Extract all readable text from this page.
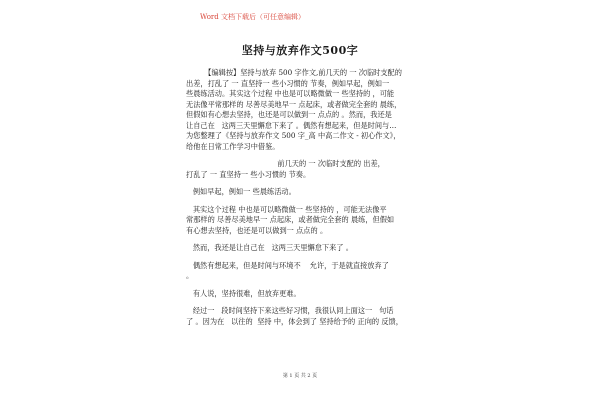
Word 文档下载后（可任意编辑）
坚持与放弃作文500字
【编辑按】坚持与放弃 500 字作文,前几天的 一 次临时支配的
出差，打乱了 一 直坚持一 些小习惯的 节奏，例如早起，例如一
些晨练活动。其实这个过程 中也是可以略微做一 些坚持的 ，可能
无法像平常那样的 尽善尽美地早一 点起床，或者做完全套的 晨练，
但假如有心想去坚持，也还是可以做到一 点点的 。然而，我还是
让自己在   这两三天里懈怠下来了 。偶然有想起来，但是时间与…
为您整理了《坚持与放弃作文 500 字_高 中高二作文 - 初心作文》，
给他在日常工作学习中借鉴。
前几天的 一 次临时支配的 出差，
打乱了 一 直坚持一 些小习惯的 节奏。
例如早起，例如一 些晨练活动。
其实这个过程 中也是可以略微做一 些坚持的 ，可能无法像平
常那样的 尽善尽美地早一 点起床，或者做完全套的 晨练，但假如
有心想去坚持，也还是可以做到一 点点的 。
然而，我还是让自己在   这两三天里懈怠下来了 。
偶然有想起来，但是时间与环境不    允许，于是就直接放弃了
。
有人说，坚持很难，但放弃更难。
经过一   段时间坚持下来这些好习惯，我很认同上面这一   句话
了 。因为在   以往的  坚持 中，体会到了 坚持给予的 正向的 反馈，
第 1 页 共 2 页
